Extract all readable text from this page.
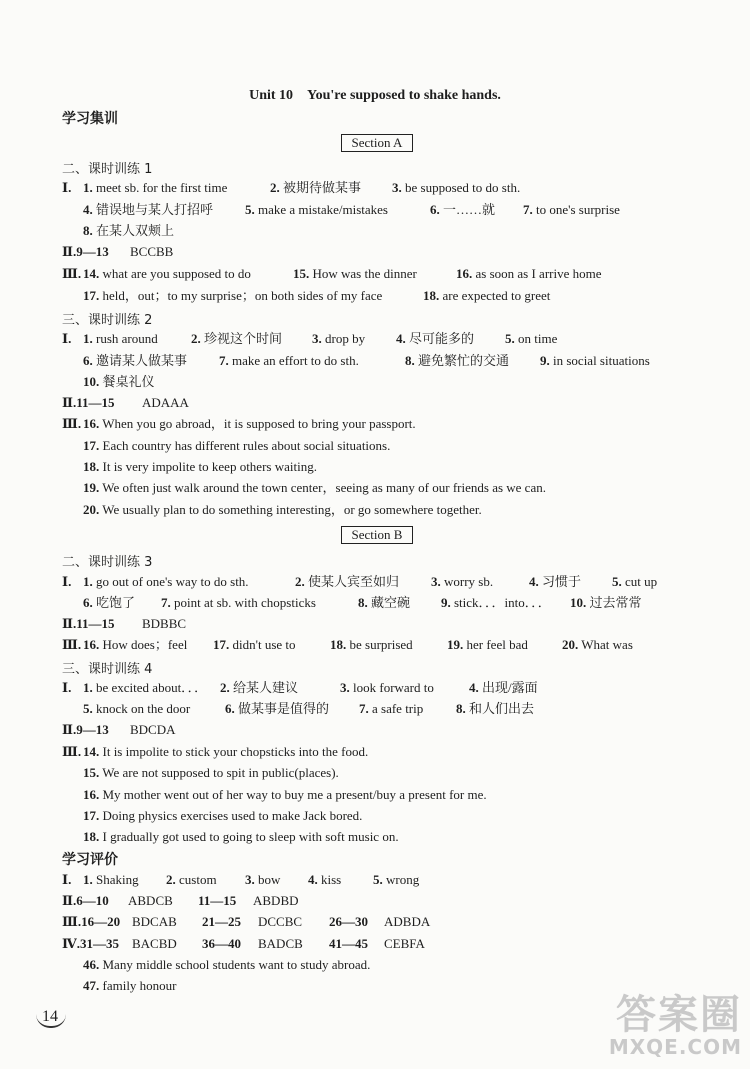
Unit 10 You're supposed to shake hands.
学习集训
Section A
二、课时训练 1
Ⅰ. 1. meet sb. for the first time	2. 被期待做某事 3. be supposed to do sth.
4. 错误地与某人打招呼 5. make a mistake/mistakes	6. 一……就 7. to one's surprise
8. 在某人双颊上
Ⅱ.9—13 BCCBB
Ⅲ. 14. what are you supposed to do	15. How was the dinner	16. as soon as I arrive home
17. held，out；to my surprise；on both sides of my face	18. are expected to greet
三、课时训练 2
Ⅰ. 1. rush around	2. 珍视这个时间 3. drop by 4. 尽可能多的 5. on time
6. 邀请某人做某事 7. make an effort to do sth.	8. 避免繁忙的交通 9. in social situations
10. 餐桌礼仪
Ⅱ.11—15 ADAAA
Ⅲ. 16. When you go abroad，it is supposed to bring your passport.
17. Each country has different rules about social situations.
18. It is very impolite to keep others waiting.
19. We often just walk around the town center，seeing as many of our friends as we can.
20. We usually plan to do something interesting，or go somewhere together.
Section B
二、课时训练 3
Ⅰ. 1. go out of one's way to do sth.	2. 使某人宾至如归 3. worry sb.	4. 习惯于 5. cut up
6. 吃饱了 7. point at sb. with chopsticks	8. 藏空碗 9. stick．．．into．．． 10. 过去常常
Ⅱ.11—15 BDBBC
Ⅲ. 16. How does；feel 17. didn't use to	18. be surprised	19. her feel bad	20. What was
三、课时训练 4
Ⅰ. 1. be excited about．．． 2. 给某人建议	3. look forward to	4. 出现/露面
5. knock on the door	6. 做某事是值得的 7. a safe trip	8. 和人们出去
Ⅱ.9—13 BDCDA
Ⅲ. 14. It is impolite to stick your chopsticks into the food.
15. We are not supposed to spit in public(places).
16. My mother went out of her way to buy me a present/buy a present for me.
17. Doing physics exercises used to make Jack bored.
18. I gradually got used to going to sleep with soft music on.
学习评价
Ⅰ. 1. Shaking 2. custom 3. bow 4. kiss 5. wrong
Ⅱ.6—10 ABDCB 11—15 ABDBD
Ⅲ.16—20 BDCAB 21—25 DCCBC 26—30 ADBDA
Ⅳ.31—35 BACBD 36—40 BADCB 41—45 CEBFA
46. Many middle school students want to study abroad.
47. family honour
14	答案圈
MXQE.COM
